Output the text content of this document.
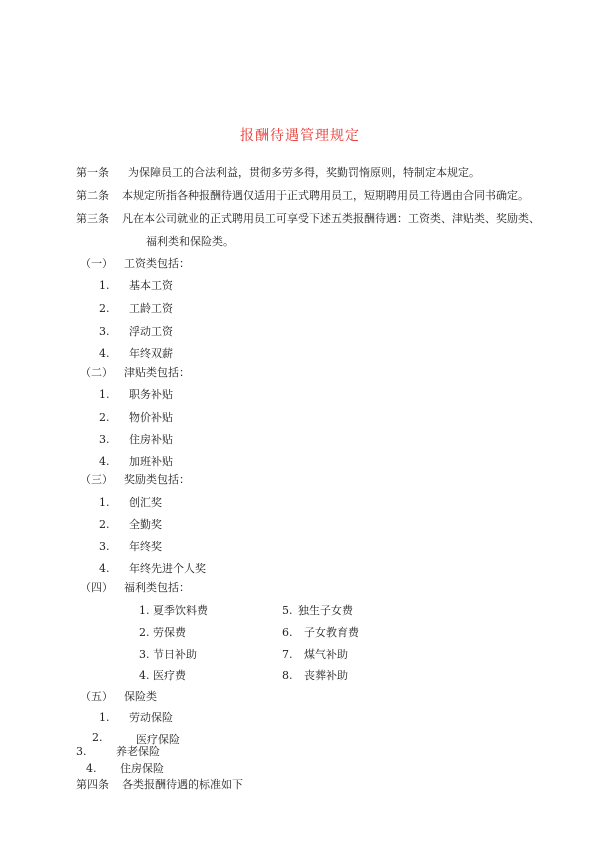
报酬待遇管理规定
第一条 为保障员工的合法利益，贯彻多劳多得，奖勤罚惰原则，特制定本规定。
第二条 本规定所指各种报酬待遇仅适用于正式聘用员工，短期聘用员工待遇由合同书确定。
第三条 凡在本公司就业的正式聘用员工可享受下述五类报酬待遇：工资类、津贴类、奖励类、
福利类和保险类。
（一） 工资类包括：
1. 基本工资
2. 工龄工资
3. 浮动工资
4. 年终双薪
（二） 津贴类包括：
1. 职务补贴
2. 物价补贴
3. 住房补贴
4. 加班补贴
（三） 奖励类包括：
1. 创汇奖
2. 全勤奖
3. 年终奖
4. 年终先进个人奖
（四） 福利类包括：
1. 夏季饮料费
2. 劳保费
3. 节日补助
4. 医疗费
5. 独生子女费
6. 子女教育费
7. 煤气补助
8. 丧葬补助
（五） 保险类
1. 劳动保险
2.	医疗保险
3.	养老保险
4. 住房保险
第四条 各类报酬待遇的标准如下
